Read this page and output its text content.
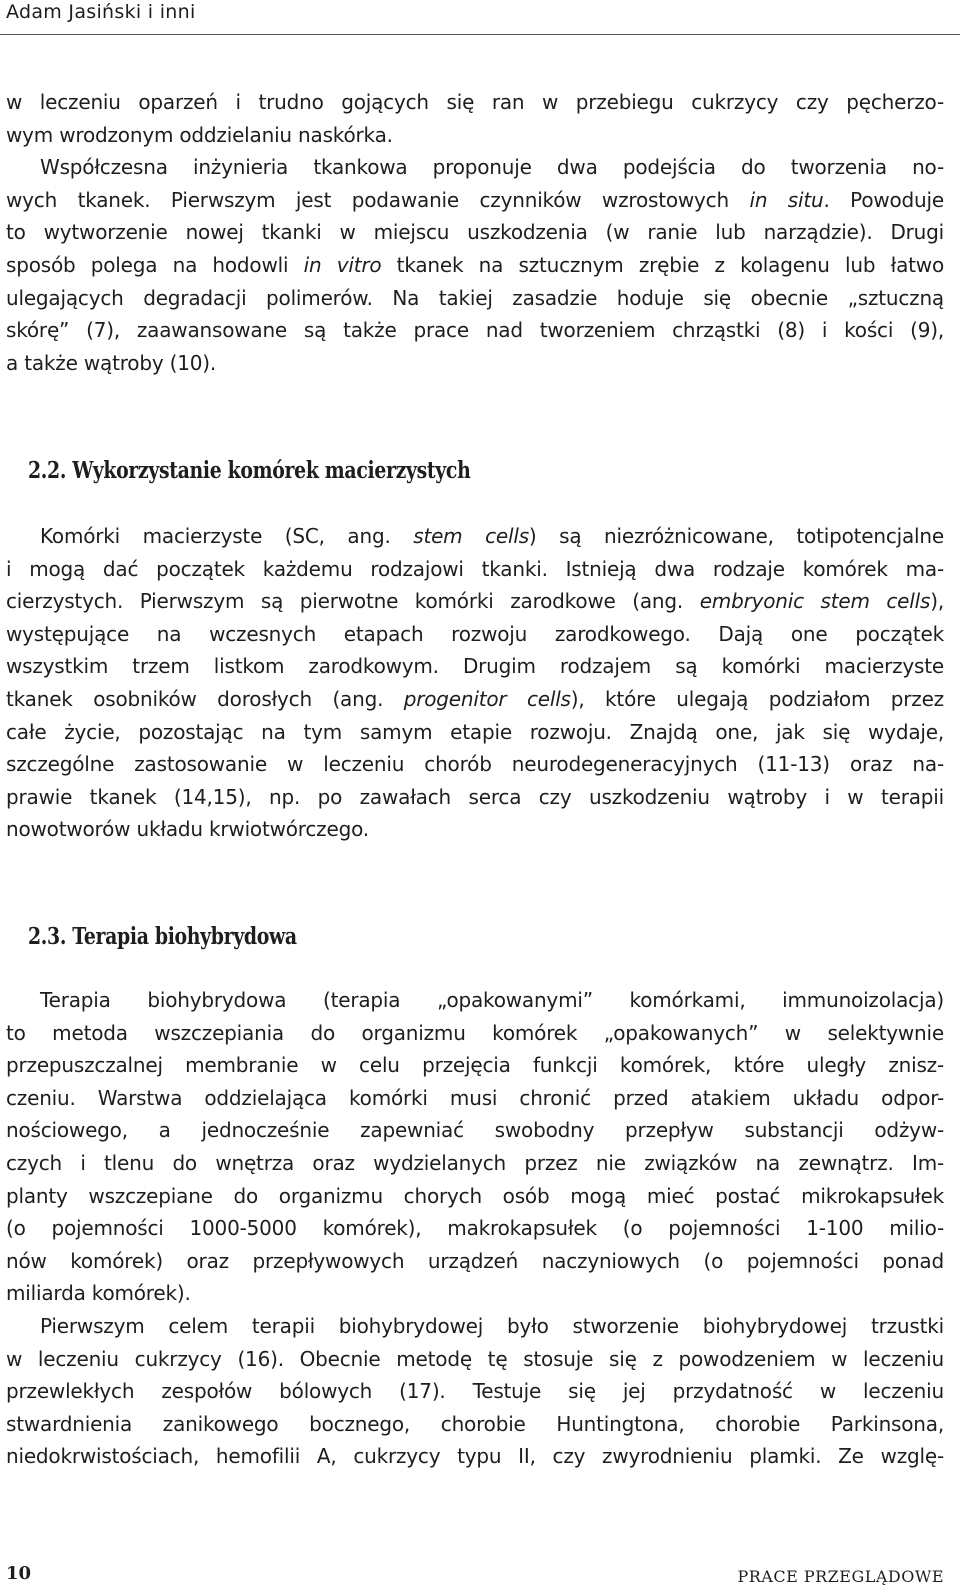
Adam Jasiński i inni
w leczeniu oparzeń i trudno gojących się ran w przebiegu cukrzycy czy pęcherzo-
wym wrodzonym oddzielaniu naskórka.
Współczesna inżynieria tkankowa proponuje dwa podejścia do tworzenia no-
wych tkanek. Pierwszym jest podawanie czynników wzrostowych in situ. Powoduje
to wytworzenie nowej tkanki w miejscu uszkodzenia (w ranie lub narządzie). Drugi
sposób polega na hodowli in vitro tkanek na sztucznym zrębie z kolagenu lub łatwo
ulegających degradacji polimerów. Na takiej zasadzie hoduje się obecnie „sztuczną
skórę” (7), zaawansowane są także prace nad tworzeniem chrząstki (8) i kości (9),
a także wątroby (10).
2.2. Wykorzystanie komórek macierzystych
Komórki macierzyste (SC, ang. stem cells) są niezróżnicowane, totipotencjalne
i mogą dać początek każdemu rodzajowi tkanki. Istnieją dwa rodzaje komórek ma-
cierzystych. Pierwszym są pierwotne komórki zarodkowe (ang. embryonic stem cells),
występujące na wczesnych etapach rozwoju zarodkowego. Dają one początek
wszystkim trzem listkom zarodkowym. Drugim rodzajem są komórki macierzyste
tkanek osobników dorosłych (ang. progenitor cells), które ulegają podziałom przez
całe życie, pozostając na tym samym etapie rozwoju. Znajdą one, jak się wydaje,
szczególne zastosowanie w leczeniu chorób neurodegeneracyjnych (11-13) oraz na-
prawie tkanek (14,15), np. po zawałach serca czy uszkodzeniu wątroby i w terapii
nowotworów układu krwiotwórczego.
2.3. Terapia biohybrydowa
Terapia biohybrydowa (terapia „opakowanymi” komórkami, immunoizolacja)
to metoda wszczepiania do organizmu komórek „opakowanych” w selektywnie
przepuszczalnej membranie w celu przejęcia funkcji komórek, które uległy znisz-
czeniu. Warstwa oddzielająca komórki musi chronić przed atakiem układu odpor-
nościowego, a jednocześnie zapewniać swobodny przepływ substancji odżyw-
czych i tlenu do wnętrza oraz wydzielanych przez nie związków na zewnątrz. Im-
planty wszczepiane do organizmu chorych osób mogą mieć postać mikrokapsułek
(o pojemności 1000-5000 komórek), makrokapsułek (o pojemności 1-100 milio-
nów komórek) oraz przepływowych urządzeń naczyniowych (o pojemności ponad
miliarda komórek).
Pierwszym celem terapii biohybrydowej było stworzenie biohybrydowej trzustki
w leczeniu cukrzycy (16). Obecnie metodę tę stosuje się z powodzeniem w leczeniu
przewlekłych zespołów bólowych (17). Testuje się jej przydatność w leczeniu
stwardnienia zanikowego bocznego, chorobie Huntingtona, chorobie Parkinsona,
niedokrwistościach, hemofilii A, cukrzycy typu II, czy zwyrodnieniu plamki. Ze wzglę-
10	PRACE PRZEGLĄDOWE
